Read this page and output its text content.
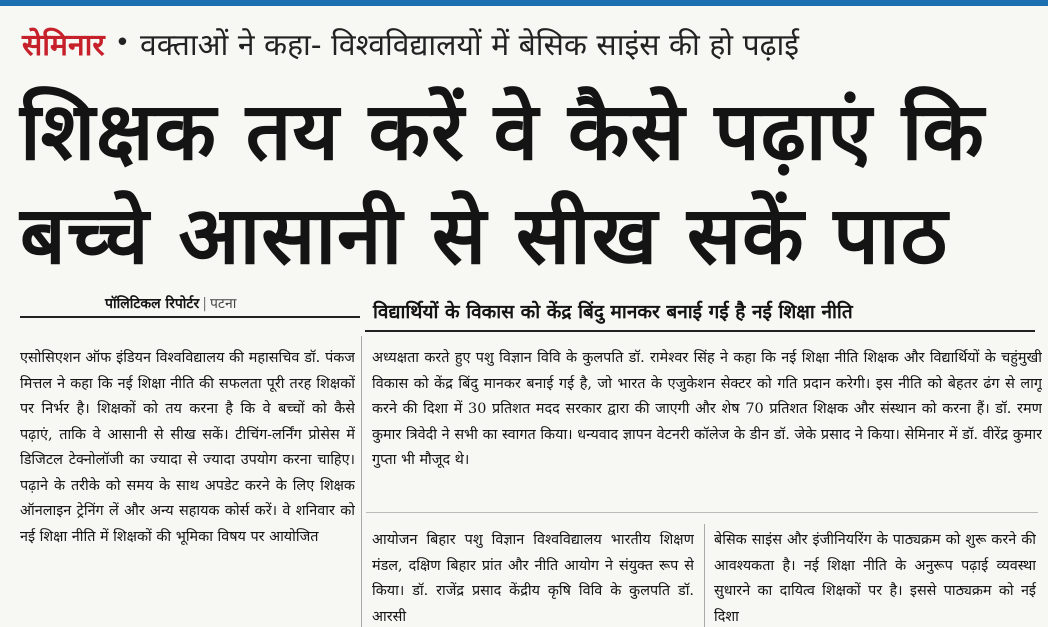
सेमिनार • वक्ताओं ने कहा- विश्वविद्यालयों में बेसिक साइंस की हो पढ़ाई
शिक्षक तय करें वे कैसे पढ़ाएं कि
बच्चे आसानी से सीख सकें पाठ
पॉलिटिकल रिपोर्टर | पटना	विद्यार्थियों के विकास को केंद्र बिंदु मानकर बनाई गई है नई शिक्षा नीति
एसोसिएशन ऑफ इंडियन विश्वविद्यालय की महासचिव डॉ. पंकज मित्तल ने कहा कि नई शिक्षा नीति की सफलता पूरी तरह शिक्षकों पर निर्भर है। शिक्षकों को तय करना है कि वे बच्चों को कैसे पढ़ाएं, ताकि वे आसानी से सीख सकें। टीचिंग-लर्निंग प्रोसेस में डिजिटल टेक्नोलॉजी का ज्यादा से ज्यादा उपयोग करना चाहिए। पढ़ाने के तरीके को समय के साथ अपडेट करने के लिए शिक्षक ऑनलाइन ट्रेनिंग लें और अन्य सहायक कोर्स करें। वे शनिवार को नई शिक्षा नीति में शिक्षकों की भूमिका विषय पर आयोजित
अध्यक्षता करते हुए पशु विज्ञान विवि के कुलपति डॉ. रामेश्वर सिंह ने कहा कि नई शिक्षा नीति शिक्षक और विद्यार्थियों के चहुंमुखी विकास को केंद्र बिंदु मानकर बनाई गई है, जो भारत के एजुकेशन सेक्टर को गति प्रदान करेगी। इस नीति को बेहतर ढंग से लागू करने की दिशा में 30 प्रतिशत मदद सरकार द्वारा की जाएगी और शेष 70 प्रतिशत शिक्षक और संस्थान को करना हैं। डॉ. रमण कुमार त्रिवेदी ने सभी का स्वागत किया। धन्यवाद ज्ञापन वेटनरी कॉलेज के डीन डॉ. जेके प्रसाद ने किया। सेमिनार में डॉ. वीरेंद्र कुमार गुप्ता भी मौजूद थे।
आयोजन बिहार पशु विज्ञान विश्वविद्यालय भारतीय शिक्षण मंडल, दक्षिण बिहार प्रांत और नीति आयोग ने संयुक्त रूप से किया। डॉ. राजेंद्र प्रसाद केंद्रीय कृषि विवि के कुलपति डॉ. आरसी
बेसिक साइंस और इंजीनियरिंग के पाठ्यक्रम को शुरू करने की आवश्यकता है। नई शिक्षा नीति के अनुरूप पढ़ाई व्यवस्था सुधारने का दायित्व शिक्षकों पर है। इससे पाठ्यक्रम को नई दिशा
